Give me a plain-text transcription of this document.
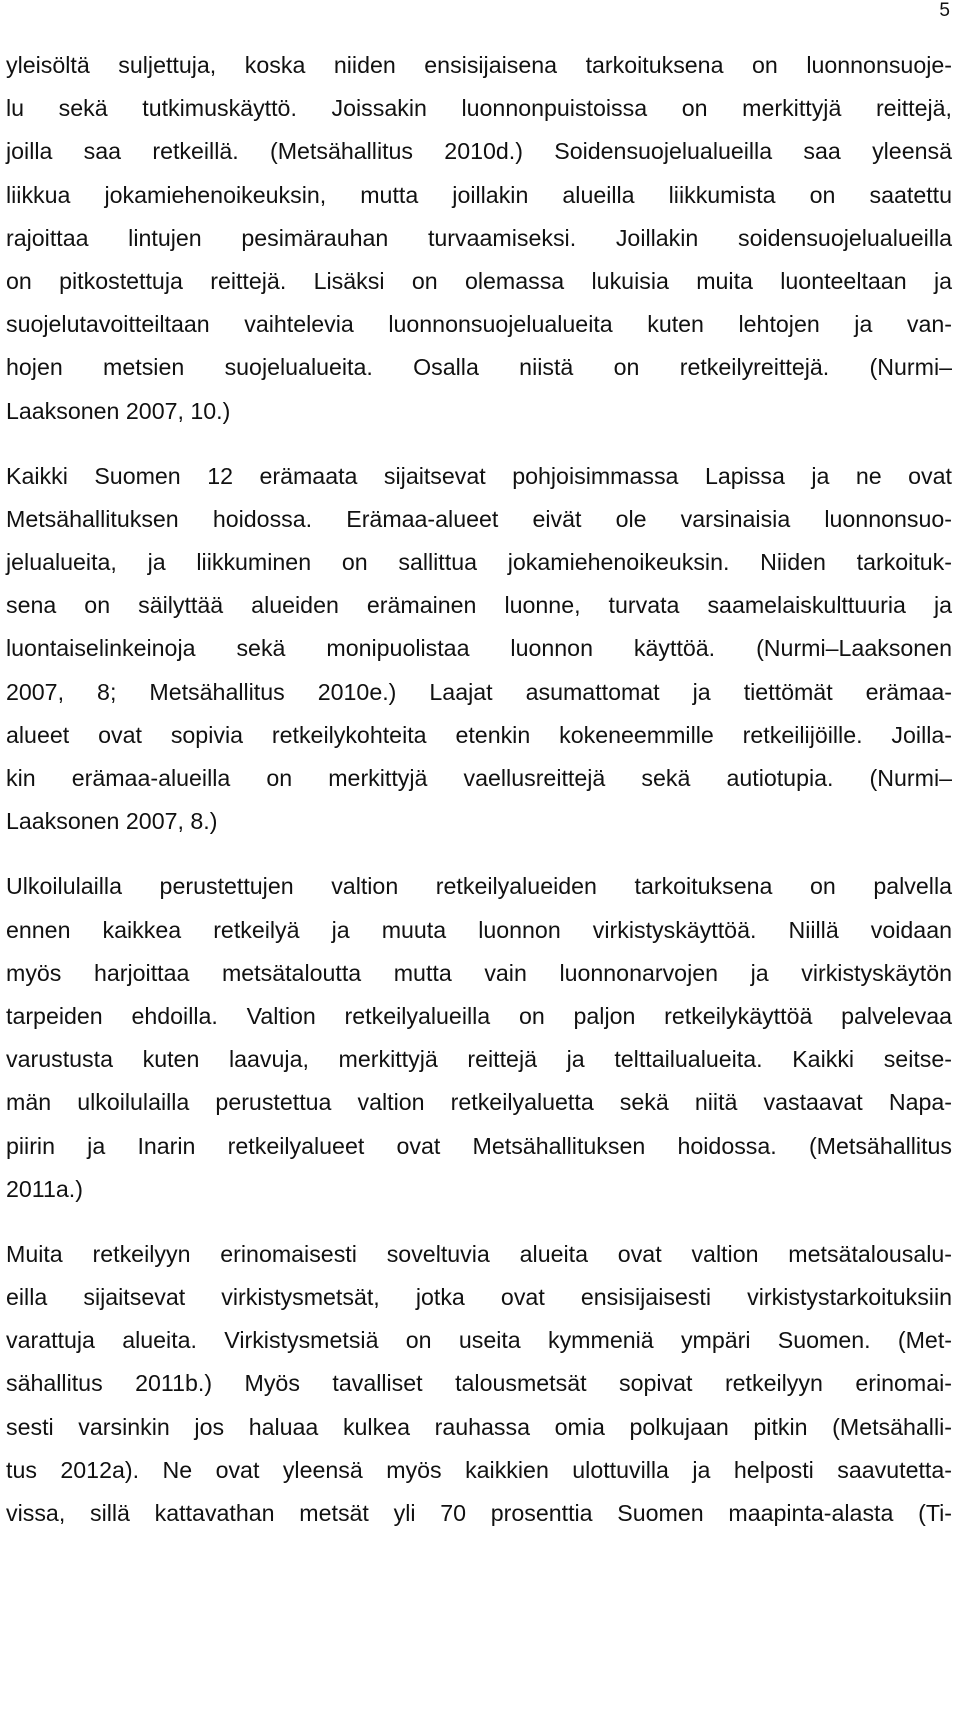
5
yleisöltä suljettuja, koska niiden ensisijaisena tarkoituksena on luonnonsuoje-
lu sekä tutkimuskäyttö. Joissakin luonnonpuistoissa on merkittyjä reittejä,
joilla saa retkeillä. (Metsähallitus 2010d.) Soidensuojelualueilla saa yleensä
liikkua jokamiehenoikeuksin, mutta joillakin alueilla liikkumista on saatettu
rajoittaa lintujen pesimärauhan turvaamiseksi. Joillakin soidensuojelualueilla
on pitkostettuja reittejä. Lisäksi on olemassa lukuisia muita luonteeltaan ja
suojelutavoitteiltaan vaihtelevia luonnonsuojelualueita kuten lehtojen ja van-
hojen metsien suojelualueita. Osalla niistä on retkeilyreittejä. (Nurmi–
Laaksonen 2007, 10.)
Kaikki Suomen 12 erämaata sijaitsevat pohjoisimmassa Lapissa ja ne ovat
Metsähallituksen hoidossa. Erämaa-alueet eivät ole varsinaisia luonnonsuo-
jelualueita, ja liikkuminen on sallittua jokamiehenoikeuksin. Niiden tarkoituk-
sena on säilyttää alueiden erämainen luonne, turvata saamelaiskulttuuria ja
luontaiselinkeinoja sekä monipuolistaa luonnon käyttöä. (Nurmi–Laaksonen
2007, 8; Metsähallitus 2010e.) Laajat asumattomat ja tiettömät erämaa-
alueet ovat sopivia retkeilykohteita etenkin kokeneemmille retkeilijöille. Joilla-
kin erämaa-alueilla on merkittyjä vaellusreittejä sekä autiotupia. (Nurmi–
Laaksonen 2007, 8.)
Ulkoilulailla perustettujen valtion retkeilyalueiden tarkoituksena on palvella
ennen kaikkea retkeilyä ja muuta luonnon virkistyskäyttöä. Niillä voidaan
myös harjoittaa metsätaloutta mutta vain luonnonarvojen ja virkistyskäytön
tarpeiden ehdoilla. Valtion retkeilyalueilla on paljon retkeilykäyttöä palvelevaa
varustusta kuten laavuja, merkittyjä reittejä ja telttailualueita. Kaikki seitse-
män ulkoilulailla perustettua valtion retkeilyaluetta sekä niitä vastaavat Napa-
piirin ja Inarin retkeilyalueet ovat Metsähallituksen hoidossa. (Metsähallitus
2011a.)
Muita retkeilyyn erinomaisesti soveltuvia alueita ovat valtion metsätalousalu-
eilla sijaitsevat virkistysmetsät, jotka ovat ensisijaisesti virkistystarkoituksiin
varattuja alueita. Virkistysmetsiä on useita kymmeniä ympäri Suomen. (Met-
sähallitus 2011b.) Myös tavalliset talousmetsät sopivat retkeilyyn erinomai-
sesti varsinkin jos haluaa kulkea rauhassa omia polkujaan pitkin (Metsähalli-
tus 2012a). Ne ovat yleensä myös kaikkien ulottuvilla ja helposti saavutetta-
vissa, sillä kattavathan metsät yli 70 prosenttia Suomen maapinta-alasta (Ti-
